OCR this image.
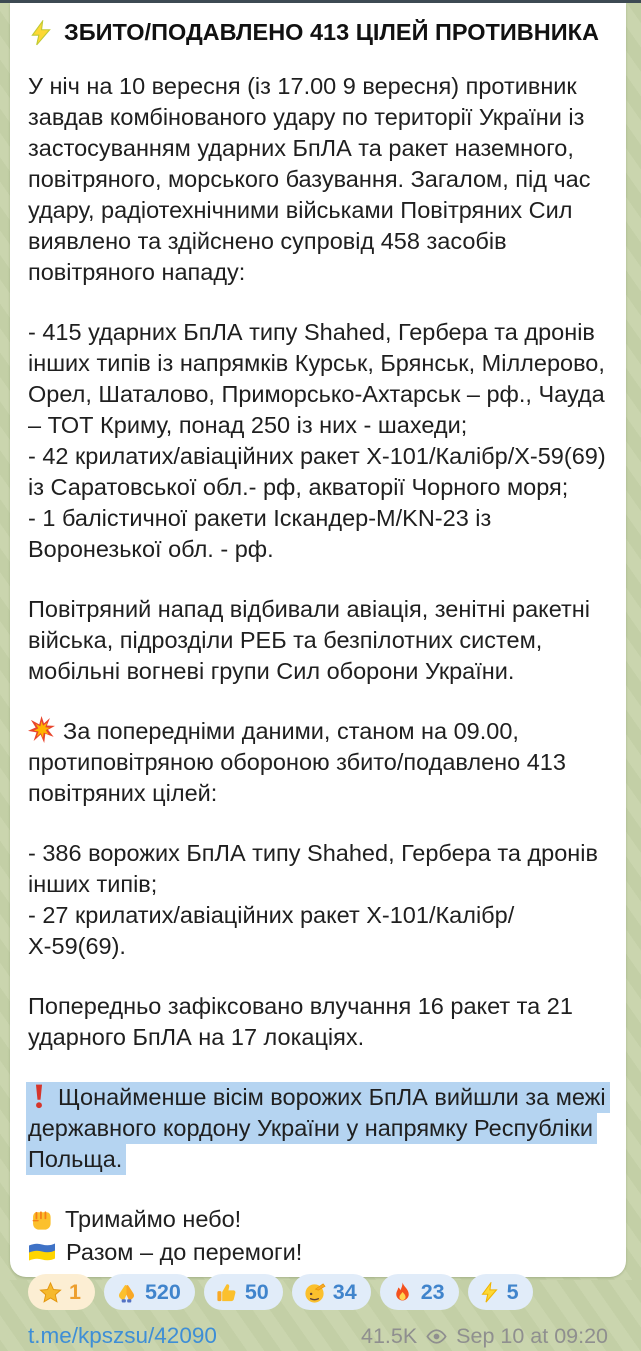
ЗБИТО/ПОДАВЛЕНО 413 ЦІЛЕЙ ПРОТИВНИКА

У ніч на 10 вересня (із 17.00 9 вересня) противник завдав комбінованого удару по території України із застосуванням ударних БпЛА та ракет наземного, повітряного, морського базування. Загалом, під час удару, радіотехнічними військами Повітряних Сил виявлено та здійснено супровід 458 засобів повітряного нападу:

- 415 ударних БпЛА типу Shahed, Гербера та дронів інших типів із напрямків Курськ, Брянськ, Міллерово, Орел, Шаталово, Приморсько-Ахтарськ – рф., Чауда – ТОТ Криму, понад 250 із них - шахеди;
- 42 крилатих/авіаційних ракет Х-101/Калібр/Х-59(69) із Саратовської обл.- рф, акваторії Чорного моря;
- 1 балістичної ракети Іскандер-М/KN-23 із Воронезької обл. - рф.

Повітряний напад відбивали авіація, зенітні ракетні війська, підрозділи РЕБ та безпілотних систем, мобільні вогневі групи Сил оборони України.

За попередніми даними, станом на 09.00, протиповітряною обороною збито/подавлено 413 повітряних цілей:

- 386 ворожих БпЛА типу Shahed, Гербера та дронів інших типів;
- 27 крилатих/авіаційних ракет Х-101/Калібр/Х-59(69).

Попередньо зафіксовано влучання 16 ракет та 21 ударного БпЛА на 17 локаціях.

Щонайменше вісім ворожих БпЛА вийшли за межі державного кордону України у напрямку Республіки Польща.

Тримаймо небо!
Разом – до перемоги!
1	520	50	34	23	5
t.me/kpszsu/42090	41.5K Sep 10 at 09:20
